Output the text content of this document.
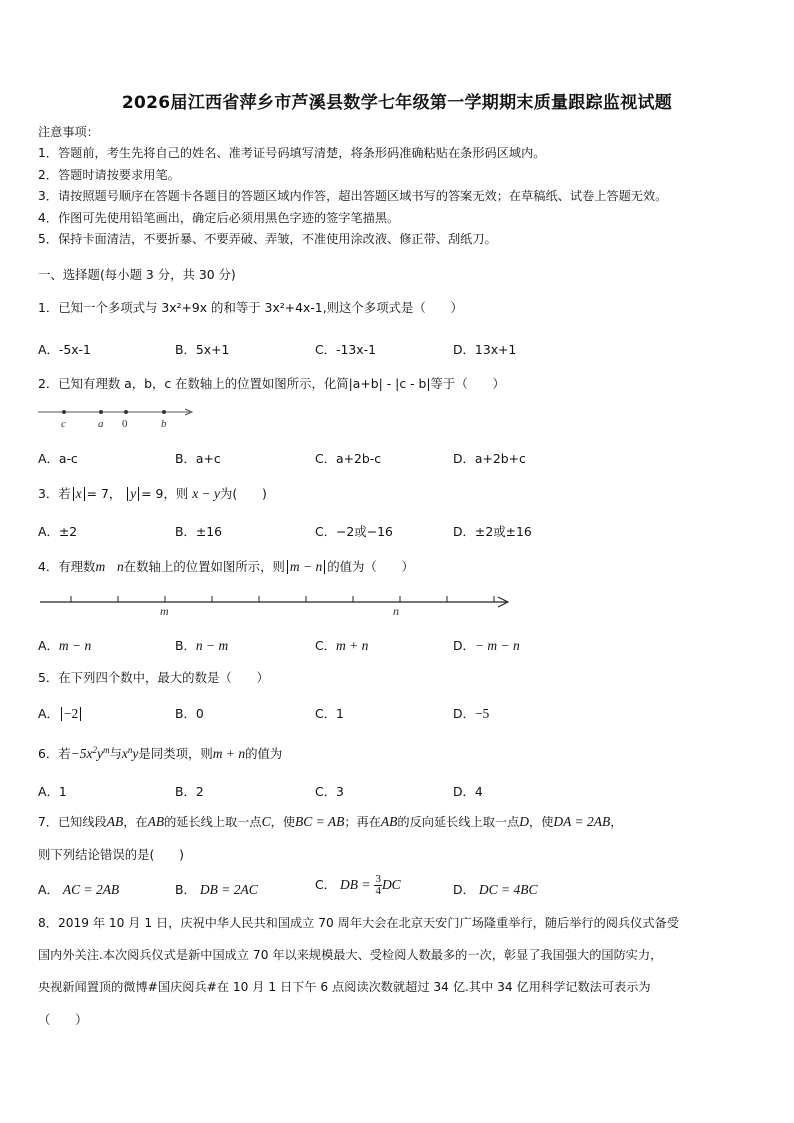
2026届江西省萍乡市芦溪县数学七年级第一学期期末质量跟踪监视试题
注意事项：
1．答题前，考生先将自己的姓名、准考证号码填写清楚，将条形码准确粘贴在条形码区域内。
2．答题时请按要求用笔。
3．请按照题号顺序在答题卡各题目的答题区域内作答，超出答题区域书写的答案无效；在草稿纸、试卷上答题无效。
4．作图可先使用铅笔画出，确定后必须用黑色字迹的签字笔描黑。
5．保持卡面清洁，不要折暴、不要弄破、弄皱，不准使用涂改液、修正带、刮纸刀。
一、选择题(每小题 3 分，共 30 分)
1．已知一个多项式与 3x²+9x 的和等于 3x²+4x-1,则这个多项式是（　　）
A．-5x-1	B．5x+1	C．-13x-1	D．13x+1
2．已知有理数 a，b，c 在数轴上的位置如图所示，化简|a+b| - |c - b|等于（　　）
c	a 0	b
A．a-c	B．a+c	C．a+2b-c	D．a+2b+c
3．若 x = 7， y = 9，则 x − y为(　　)
A．±2	B．±16	C．−2或−16	D．±2或±16
4．有理数m n在数轴上的位置如图所示，则 m − n 的值为（　　）
m	n
A．m − n	B．n − m	C．m + n	D．− m − n
5．在下列四个数中，最大的数是（　　）
A． −2	B．0	C．1	D．−5
6．若$-5x^2y^m$与$x^ny$是同类项，则m + n的值为
A．1	B．2	C．3	D．4
7．已知线段AB，在AB的延长线上取一点C，使BC = AB；再在AB的反向延长线上取一点D，使DA = 2AB，
则下列结论错误的是(　　)
A． AC = 2AB	B． DB = 2AC	C． DB = $\frac{3}{4}$ DC	D． DC = 4BC
8．2019 年 10 月 1 日，庆祝中华人民共和国成立 70 周年大会在北京天安门广场隆重举行，随后举行的阅兵仪式备受
国内外关注.本次阅兵仪式是新中国成立 70 年以来规模最大、受检阅人数最多的一次，彰显了我国强大的国防实力，
央视新闻置顶的微博#国庆阅兵#在 10 月 1 日下午 6 点阅读次数就超过 34 亿.其中 34 亿用科学记数法可表示为
（　　）
